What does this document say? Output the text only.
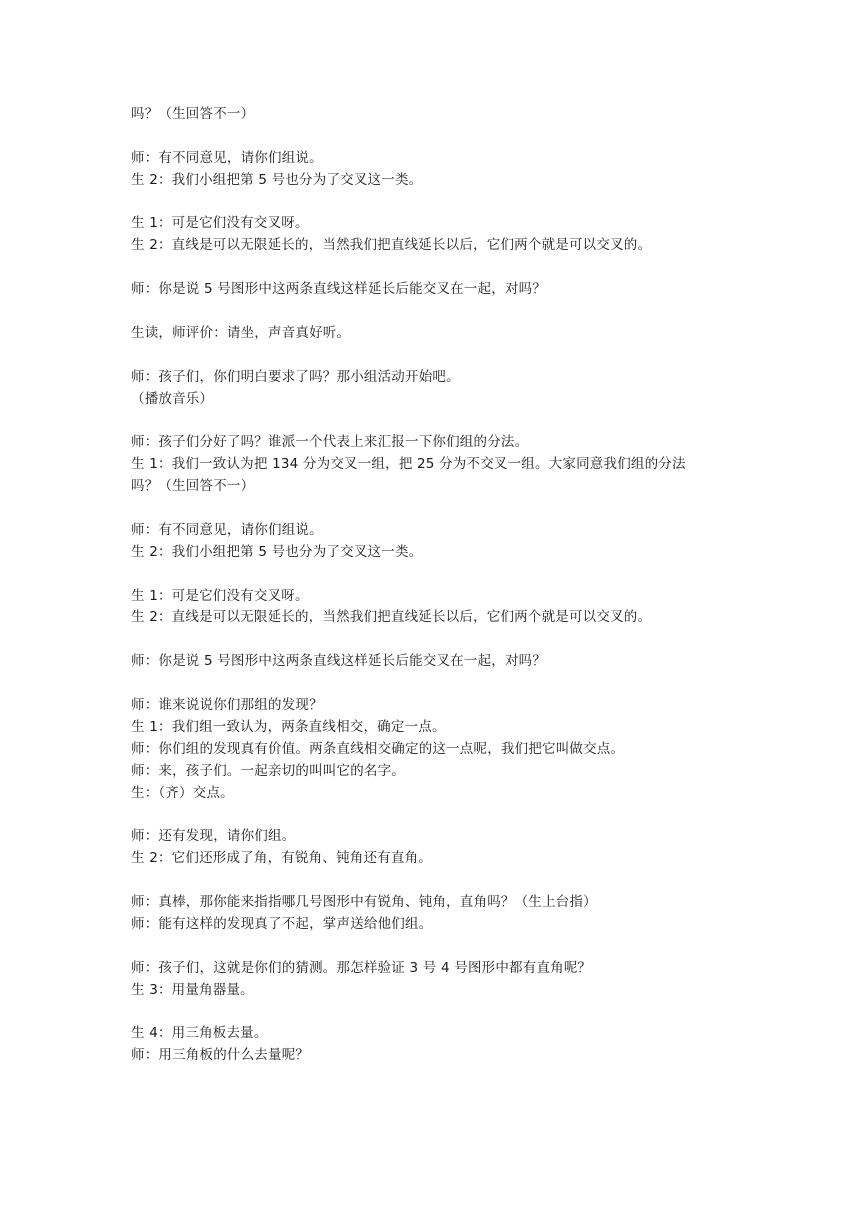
吗？（生回答不一）
师：有不同意见，请你们组说。
生 2：我们小组把第 5 号也分为了交叉这一类。
生 1：可是它们没有交叉呀。
生 2：直线是可以无限延长的，当然我们把直线延长以后，它们两个就是可以交叉的。
师：你是说 5 号图形中这两条直线这样延长后能交叉在一起，对吗？
生读，师评价：请坐，声音真好听。
师：孩子们，你们明白要求了吗？那小组活动开始吧。
（播放音乐）
师：孩子们分好了吗？谁派一个代表上来汇报一下你们组的分法。
生 1：我们一致认为把 134 分为交叉一组，把 25 分为不交叉一组。大家同意我们组的分法
吗？（生回答不一）
师：有不同意见，请你们组说。
生 2：我们小组把第 5 号也分为了交叉这一类。
生 1：可是它们没有交叉呀。
生 2：直线是可以无限延长的，当然我们把直线延长以后，它们两个就是可以交叉的。
师：你是说 5 号图形中这两条直线这样延长后能交叉在一起，对吗？
师：谁来说说你们那组的发现？
生 1：我们组一致认为，两条直线相交，确定一点。
师：你们组的发现真有价值。两条直线相交确定的这一点呢，我们把它叫做交点。
师：来，孩子们。一起亲切的叫叫它的名字。
生：（齐）交点。
师：还有发现，请你们组。
生 2：它们还形成了角，有锐角、钝角还有直角。
师：真棒，那你能来指指哪几号图形中有锐角、钝角，直角吗？（生上台指）
师：能有这样的发现真了不起，掌声送给他们组。
师：孩子们，这就是你们的猜测。那怎样验证 3 号 4 号图形中都有直角呢？
生 3：用量角器量。
生 4：用三角板去量。
师：用三角板的什么去量呢？
